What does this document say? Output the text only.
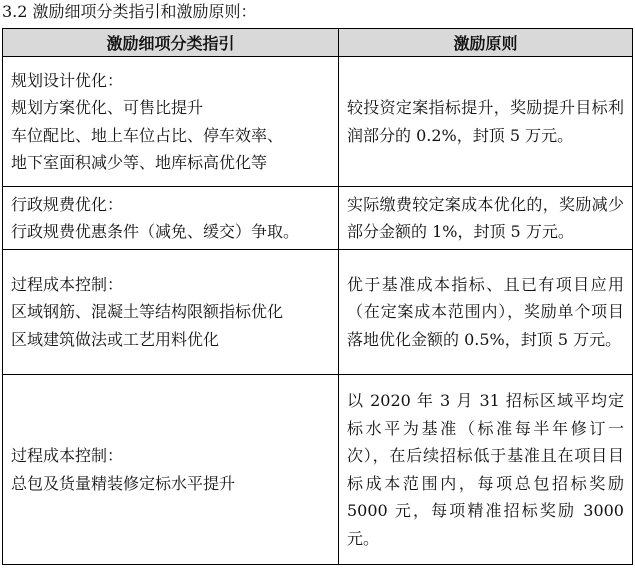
3.2 激励细项分类指引和激励原则：
激励细项分类指引	激励原则

规划设计优化：
规划方案优化、可售比提升
车位配比、地上车位占比、停车效率、
地下室面积减少等、地库标高优化等	较投资定案指标提升，奖励提升目标利润部分的 0.2%，封顶 5 万元。

行政规费优化：
行政规费优惠条件（减免、缓交）争取。	实际缴费较定案成本优化的，奖励减少部分金额的 1%，封顶 5 万元。

过程成本控制：
区域钢筋、混凝土等结构限额指标优化
区域建筑做法或工艺用料优化	优于基准成本指标、且已有项目应用（在定案成本范围内），奖励单个项目落地优化金额的 0.5%，封顶 5 万元。

过程成本控制：
总包及货量精装修定标水平提升	以 2020 年 3 月 31 招标区域平均定标水平为基准（标准每半年修订一次），在后续招标低于基准且在项目目标成本范围内，每项总包招标奖励 5000 元，每项精准招标奖励 3000 元。
